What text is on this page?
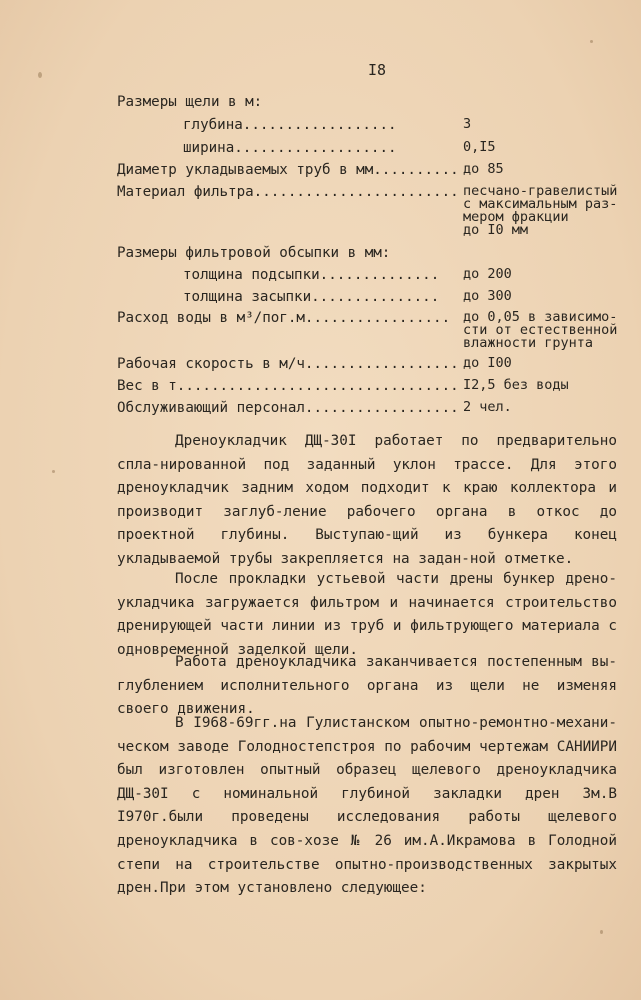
I8
Размеры щели в м:
глубина..................	3
ширина...................	0,I5
Диаметр укладываемых труб в мм.......... до 85
Материал фильтра........................ песчано-гравелистый
с максимальным раз-
мером фракции
до I0 мм
Размеры фильтровой обсыпки в мм:
толщина подсыпки.............. до 200
толщина засыпки............... до 300
Расход воды в м³/пог.м................. до 0,05 в зависимо-
сти от естественной
влажности грунта
Рабочая скорость в м/ч.................. до I00
Вес в т................................. I2,5 без воды
Обслуживающий персонал.................. 2 чел.

Дреноукладчик ДЩ-30I работает по предварительно спла-нированной под заданный уклон трассе. Для этого дреноукладчик задним ходом подходит к краю коллектора и производит заглуб-ление рабочего органа в откос до проектной глубины. Выступаю-щий из бункера конец укладываемой трубы закрепляется на задан-ной отметке.

После прокладки устьевой части дрены бункер дрено-укладчика загружается фильтром и начинается строительство дренирующей части линии из труб и фильтрующего материала с одновременной заделкой щели.

Работа дреноукладчика заканчивается постепенным вы-глублением исполнительного органа из щели не изменяя своего движения.

В I968-69гг.на Гулистанском опытно-ремонтно-механи-ческом заводе Голодностепстроя по рабочим чертежам САНИИРИ был изготовлен опытный образец щелевого дреноукладчика ДЩ-30I с номинальной глубиной закладки дрен 3м.В I970г.были проведены исследования работы щелевого дреноукладчика в сов-хозе № 26 им.А.Икрамова в Голодной степи на строительстве опытно-производственных закрытых дрен.При этом установлено следующее:
